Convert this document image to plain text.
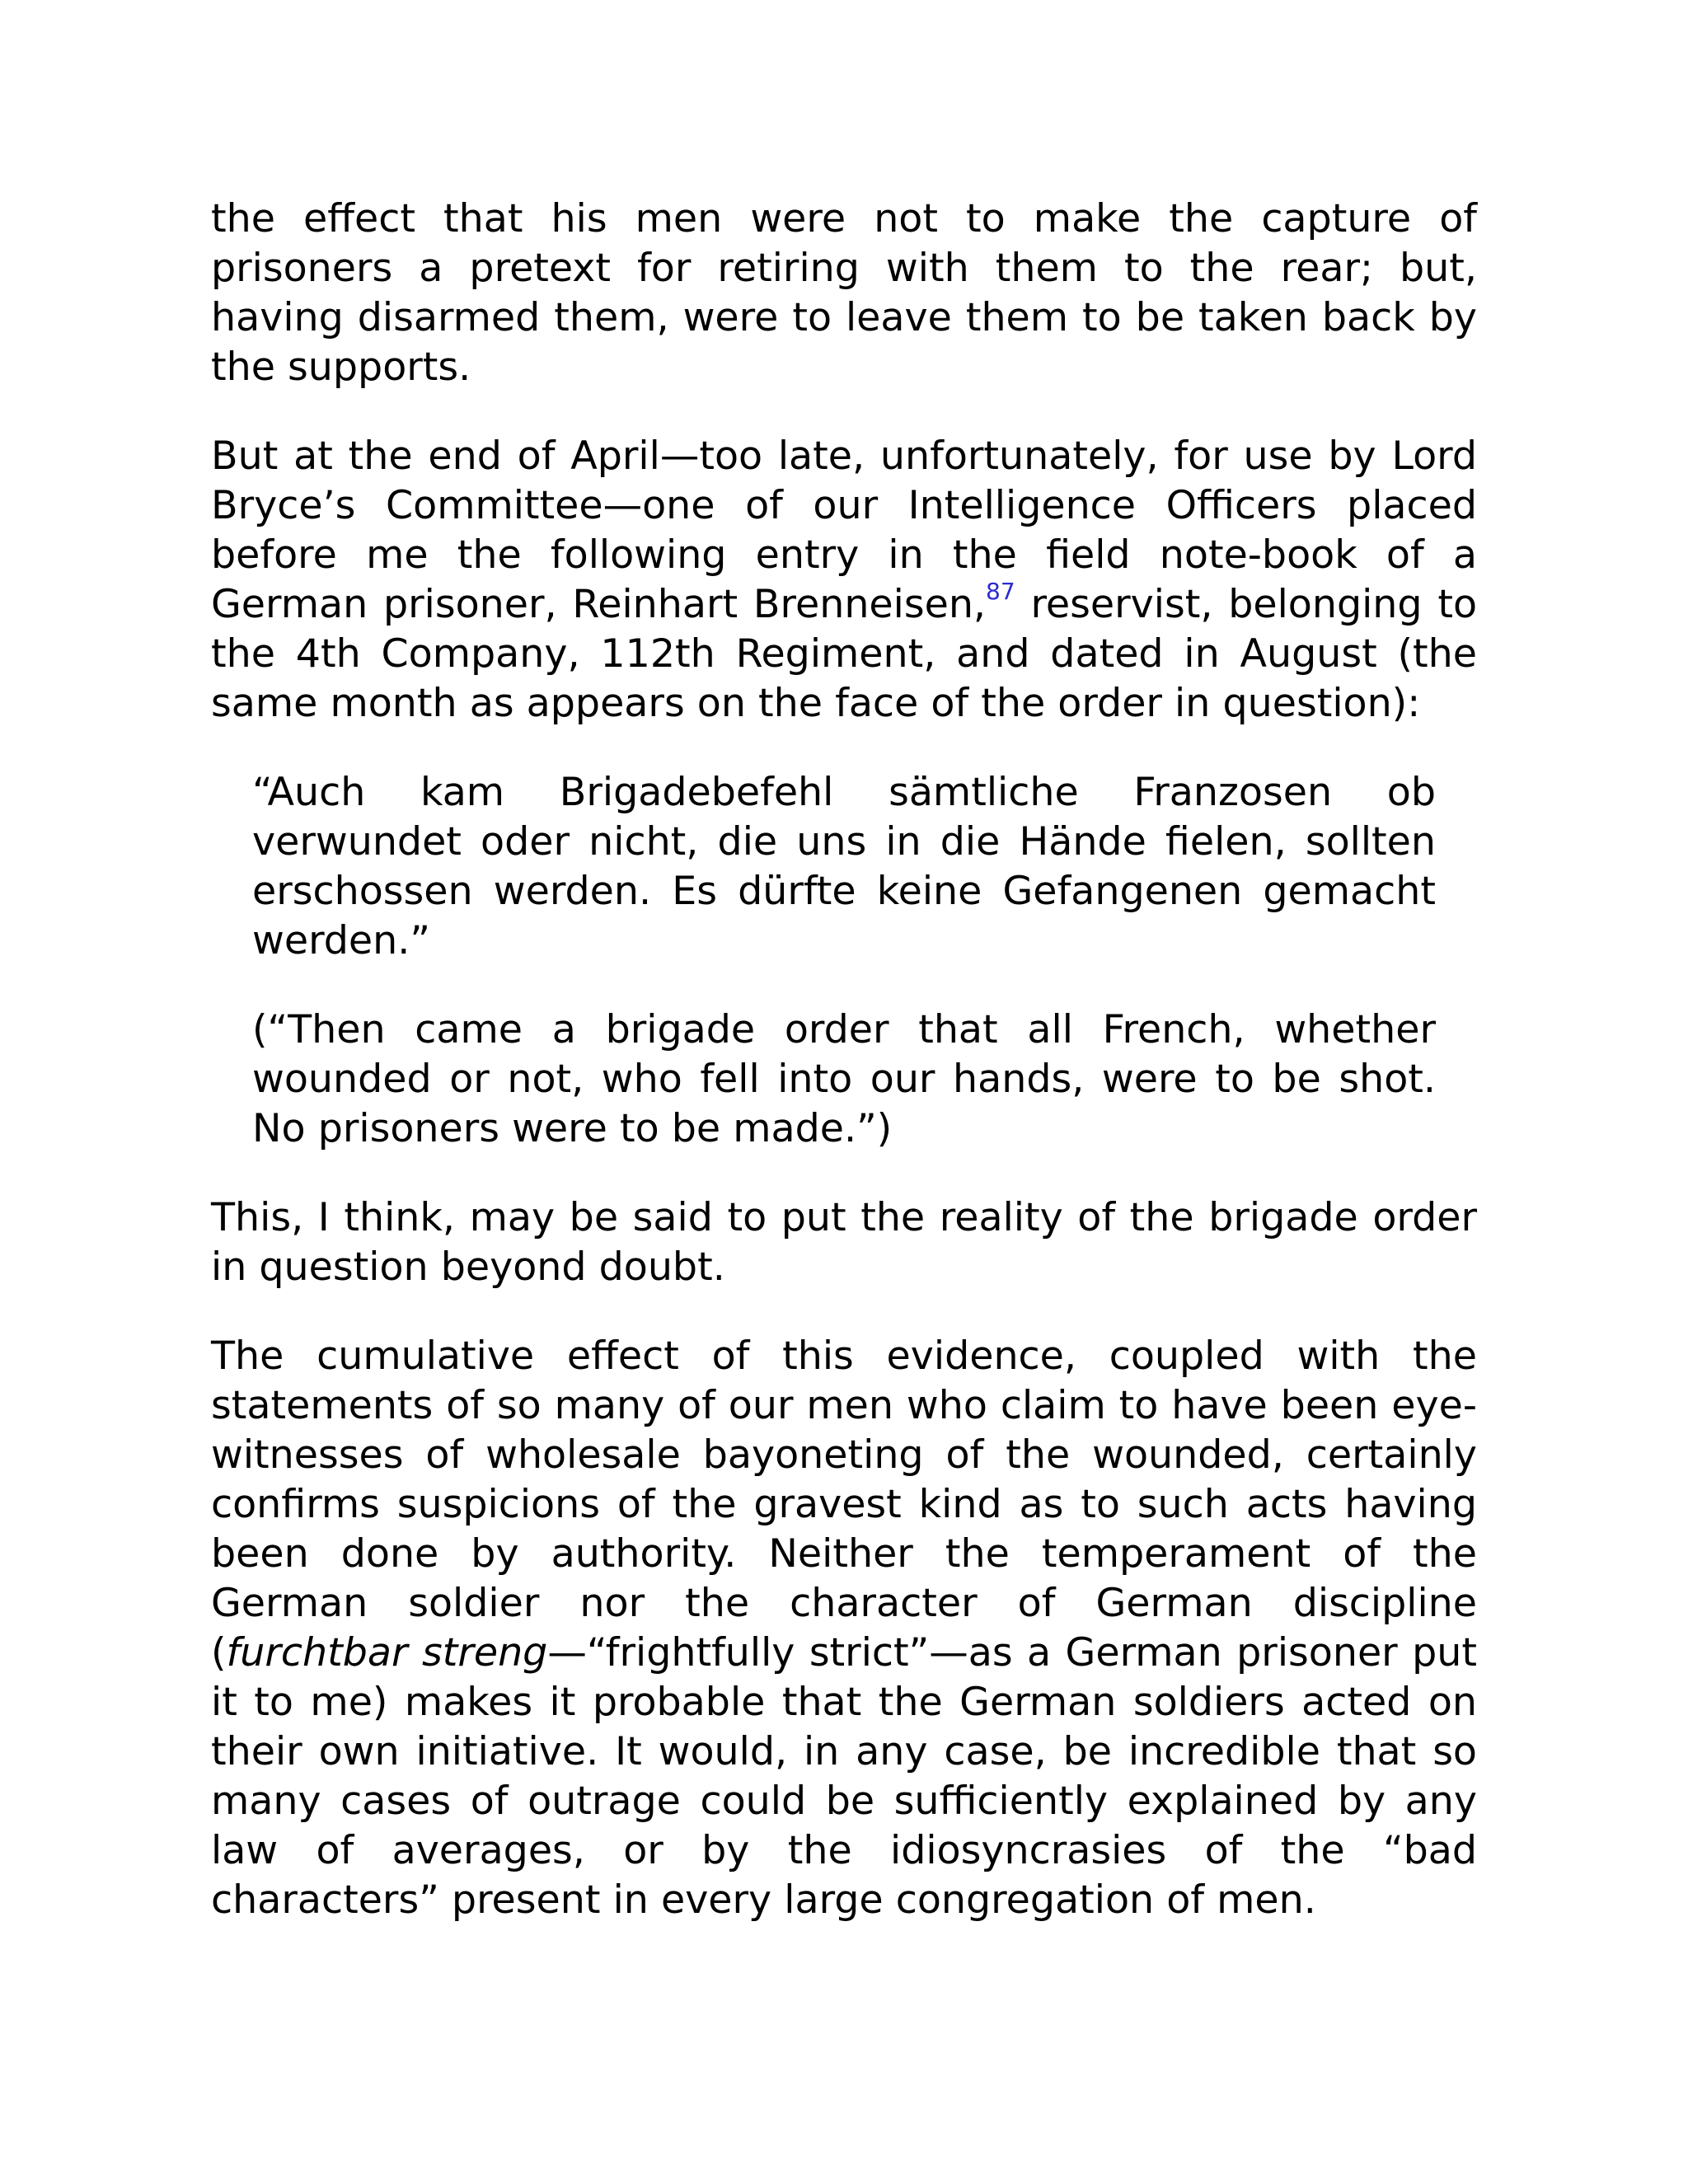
the effect that his men were not to make the capture of prisoners a pretext for retiring with them to the rear; but, having disarmed them, were to leave them to be taken back by the supports.

But at the end of April—too late, unfortunately, for use by Lord Bryce’s Committee—one of our Intelligence Officers placed before me the following entry in the field note-book of a German prisoner, Reinhart Brenneisen,$^{87}$ reservist, belonging to the 4th Company, 112th Regiment, and dated in August (the same month as appears on the face of the order in question):

“Auch kam Brigadebefehl sämtliche Franzosen ob verwundet oder nicht, die uns in die Hände fielen, sollten erschossen werden. Es dürfte keine Gefangenen gemacht werden.”

(“Then came a brigade order that all French, whether wounded or not, who fell into our hands, were to be shot. No prisoners were to be made.”)

This, I think, may be said to put the reality of the brigade order in question beyond doubt.

The cumulative effect of this evidence, coupled with the statements of so many of our men who claim to have been eye-witnesses of wholesale bayoneting of the wounded, certainly confirms suspicions of the gravest kind as to such acts having been done by authority. Neither the temperament of the German soldier nor the character of German discipline (furchtbar streng—“frightfully strict”—as a German prisoner put it to me) makes it probable that the German soldiers acted on their own initiative. It would, in any case, be incredible that so many cases of outrage could be sufficiently explained by any law of averages, or by the idiosyncrasies of the “bad characters” present in every large congregation of men.
